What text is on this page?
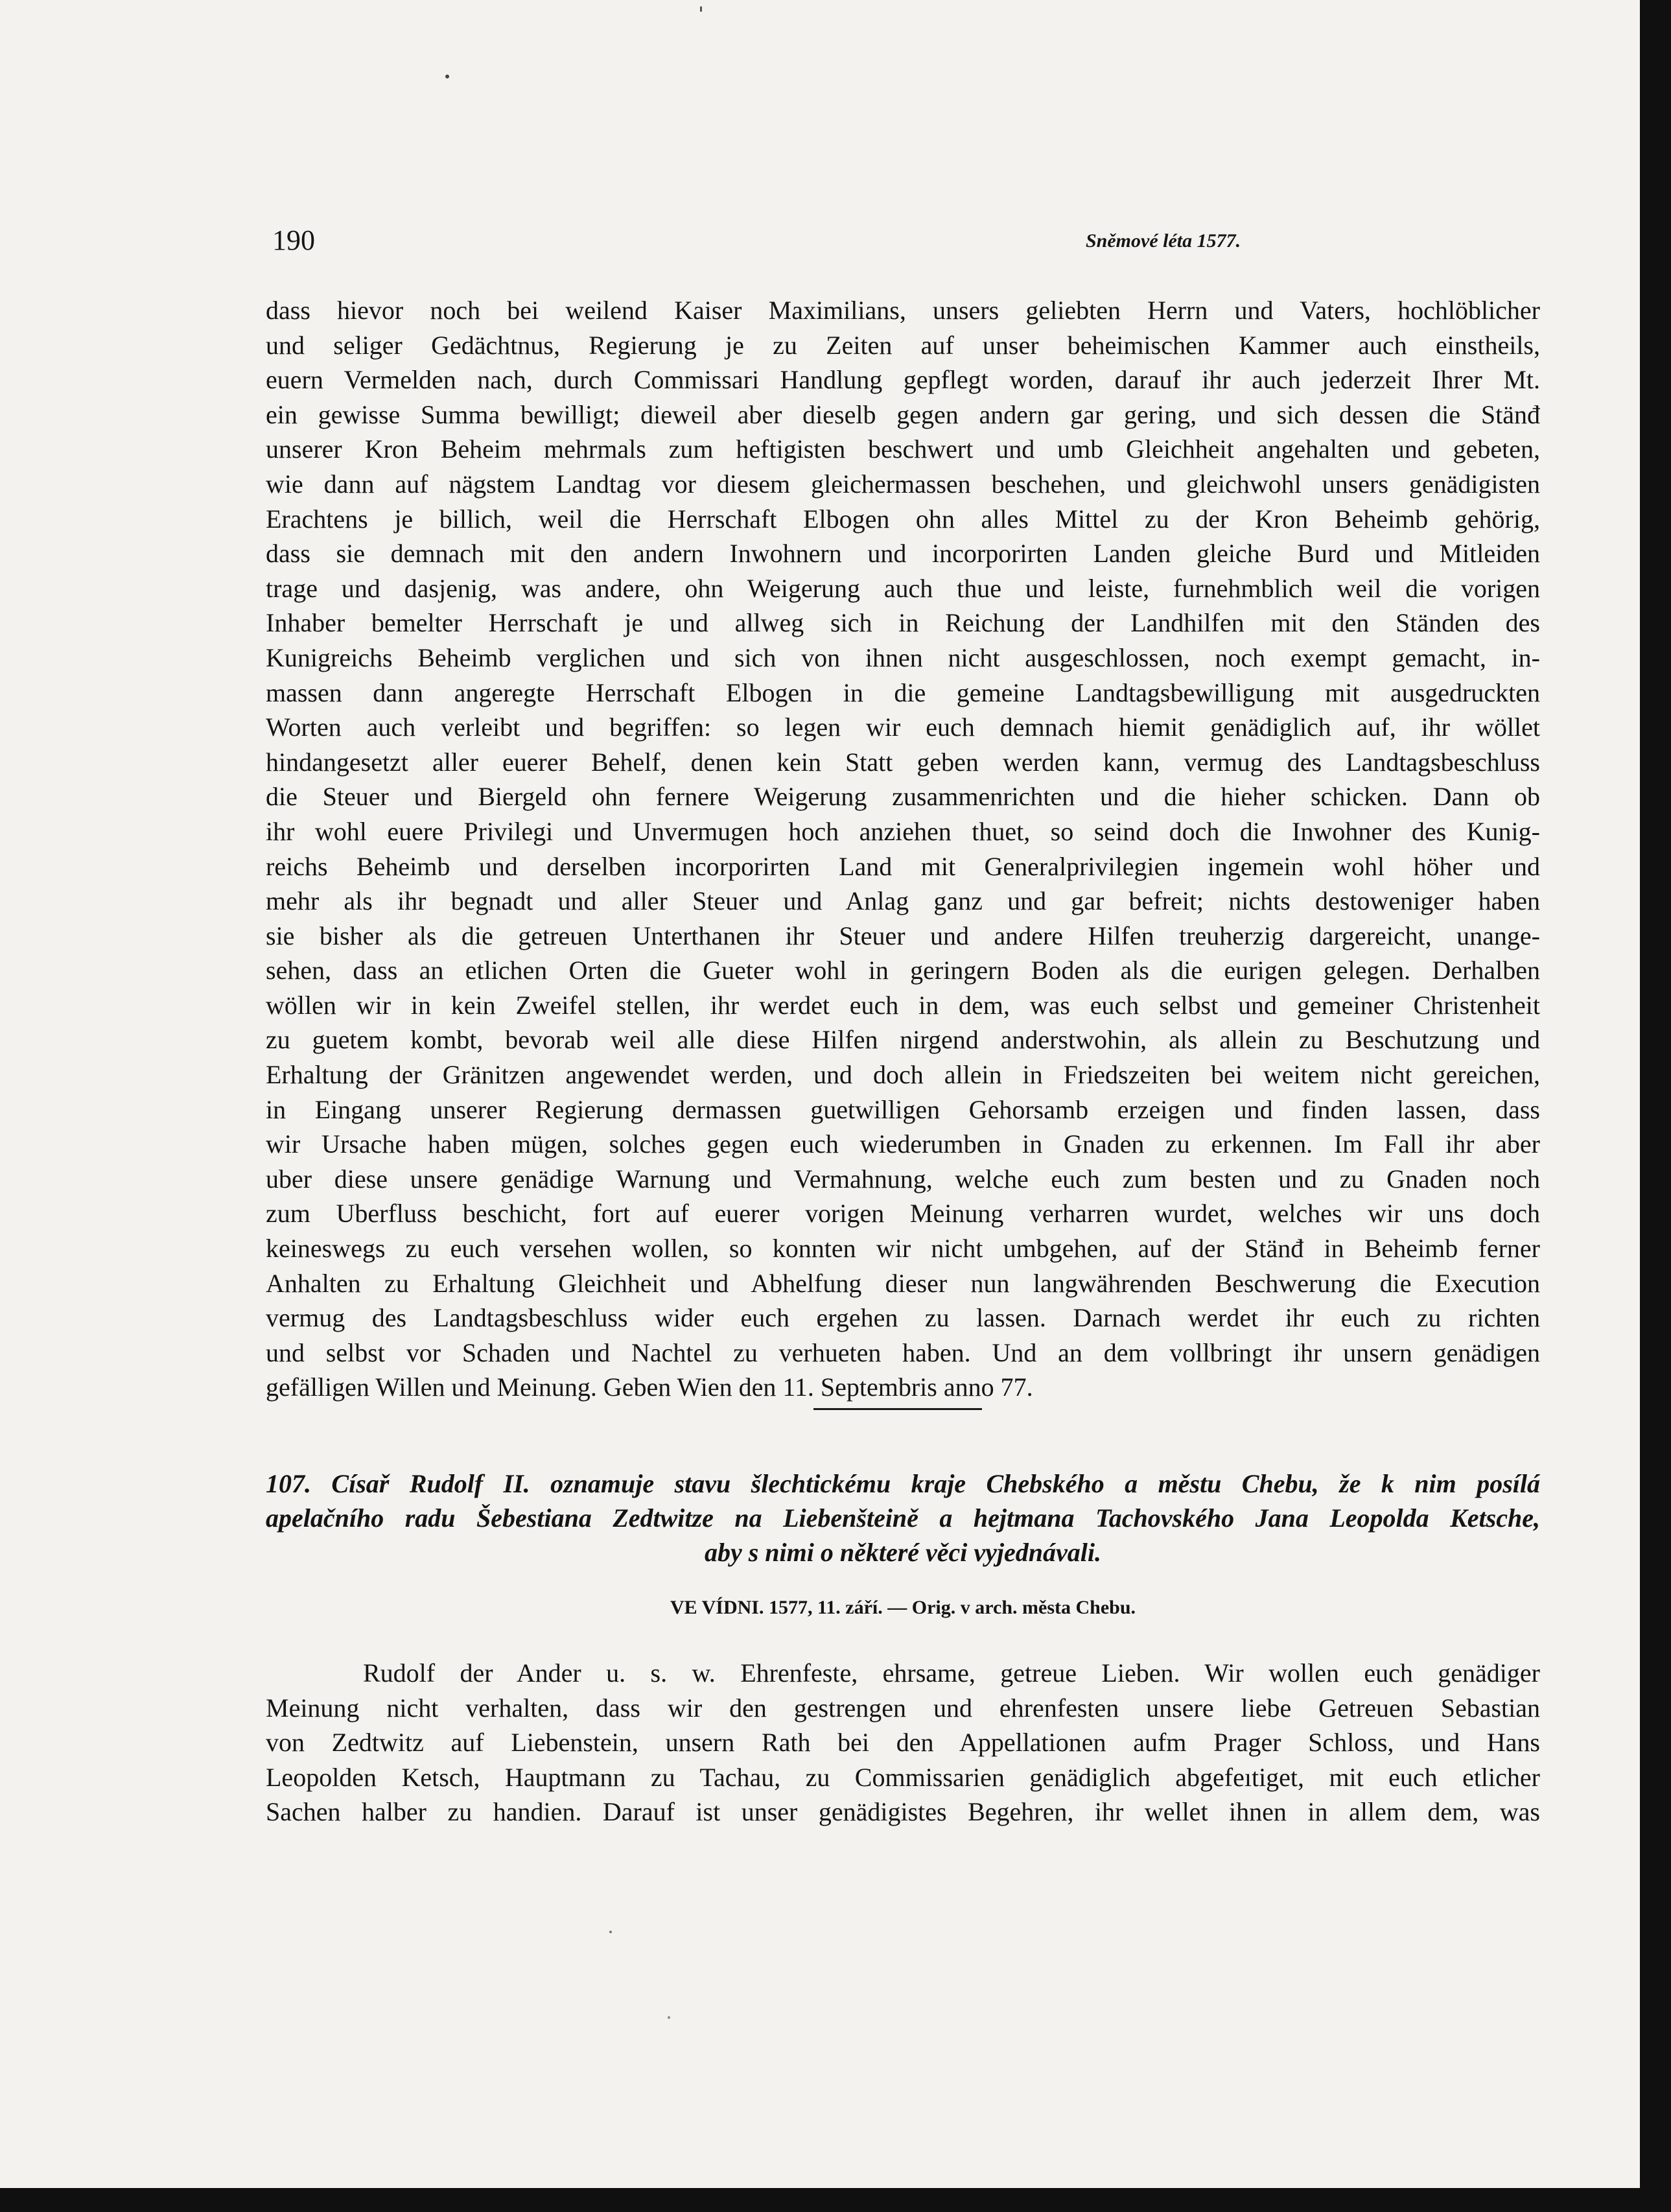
190	Sněmové léta 1577.
dass hievor noch bei weilend Kaiser Maximilians, unsers geliebten Herrn und Vaters, hochlöblicher
und seliger Gedächtnus, Regierung je zu Zeiten auf unser beheimischen Kammer auch einstheils,
euern Vermelden nach, durch Commissari Handlung gepflegt worden, darauf ihr auch jederzeit Ihrer Mt.
ein gewisse Summa bewilligt; dieweil aber dieselb gegen andern gar gering, und sich dessen die Stänđ
unserer Kron Beheim mehrmals zum heftigisten beschwert und umb Gleichheit angehalten und gebeten,
wie dann auf nägstem Landtag vor diesem gleichermassen beschehen, und gleichwohl unsers genädigisten
Erachtens je billich, weil die Herrschaft Elbogen ohn alles Mittel zu der Kron Beheimb gehörig,
dass sie demnach mit den andern Inwohnern und incorporirten Landen gleiche Burd und Mitleiden
trage und dasjenig, was andere, ohn Weigerung auch thue und leiste, furnehmblich weil die vorigen
Inhaber bemelter Herrschaft je und allweg sich in Reichung der Landhilfen mit den Ständen des
Kunigreichs Beheimb verglichen und sich von ihnen nicht ausgeschlossen, noch exempt gemacht, in-
massen dann angeregte Herrschaft Elbogen in die gemeine Landtagsbewilligung mit ausgedruckten
Worten auch verleibt und begriffen: so legen wir euch demnach hiemit genädiglich auf, ihr wöllet
hindangesetzt aller euerer Behelf, denen kein Statt geben werden kann, vermug des Landtagsbeschluss
die Steuer und Biergeld ohn fernere Weigerung zusammenrichten und die hieher schicken. Dann ob
ihr wohl euere Privilegi und Unvermugen hoch anziehen thuet, so seind doch die Inwohner des Kunig-
reichs Beheimb und derselben incorporirten Land mit Generalprivilegien ingemein wohl höher und
mehr als ihr begnadt und aller Steuer und Anlag ganz und gar befreit; nichts destoweniger haben
sie bisher als die getreuen Unterthanen ihr Steuer und andere Hilfen treuherzig dargereicht, unange-
sehen, dass an etlichen Orten die Gueter wohl in geringern Boden als die eurigen gelegen. Derhalben
wöllen wir in kein Zweifel stellen, ihr werdet euch in dem, was euch selbst und gemeiner Christenheit
zu guetem kombt, bevorab weil alle diese Hilfen nirgend anderstwohin, als allein zu Beschutzung und
Erhaltung der Gränitzen angewendet werden, und doch allein in Friedszeiten bei weitem nicht gereichen,
in Eingang unserer Regierung dermassen guetwilligen Gehorsamb erzeigen und finden lassen, dass
wir Ursache haben mügen, solches gegen euch wiederumben in Gnaden zu erkennen. Im Fall ihr aber
uber diese unsere genädige Warnung und Vermahnung, welche euch zum besten und zu Gnaden noch
zum Uberfluss beschicht, fort auf euerer vorigen Meinung verharren wurdet, welches wir uns doch
keineswegs zu euch versehen wollen, so konnten wir nicht umbgehen, auf der Stänđ in Beheimb ferner
Anhalten zu Erhaltung Gleichheit und Abhelfung dieser nun langwährenden Beschwerung die Execution
vermug des Landtagsbeschluss wider euch ergehen zu lassen. Darnach werdet ihr euch zu richten
und selbst vor Schaden und Nachtel zu verhueten haben. Und an dem vollbringt ihr unsern genädigen
gefälligen Willen und Meinung. Geben Wien den 11. Septembris anno 77.
107. Císař Rudolf II. oznamuje stavu šlechtickému kraje Chebského a městu Chebu, že k nim posílá
apelačního radu Šebestiana Zedtwitze na Liebenšteině a hejtmana Tachovského Jana Leopolda Ketsche,
aby s nimi o některé věci vyjednávali.
VE VÍDNI. 1577, 11. září. — Orig. v arch. města Chebu.
Rudolf der Ander u. s. w. Ehrenfeste, ehrsame, getreue Lieben. Wir wollen euch genädiger
Meinung nicht verhalten, dass wir den gestrengen und ehrenfesten unsere liebe Getreuen Sebastian
von Zedtwitz auf Liebenstein, unsern Rath bei den Appellationen aufm Prager Schloss, und Hans
Leopolden Ketsch, Hauptmann zu Tachau, zu Commissarien genädiglich abgefeıtiget, mit euch etlicher
Sachen halber zu handien. Darauf ist unser genädigistes Begehren, ihr wellet ihnen in allem dem, was
